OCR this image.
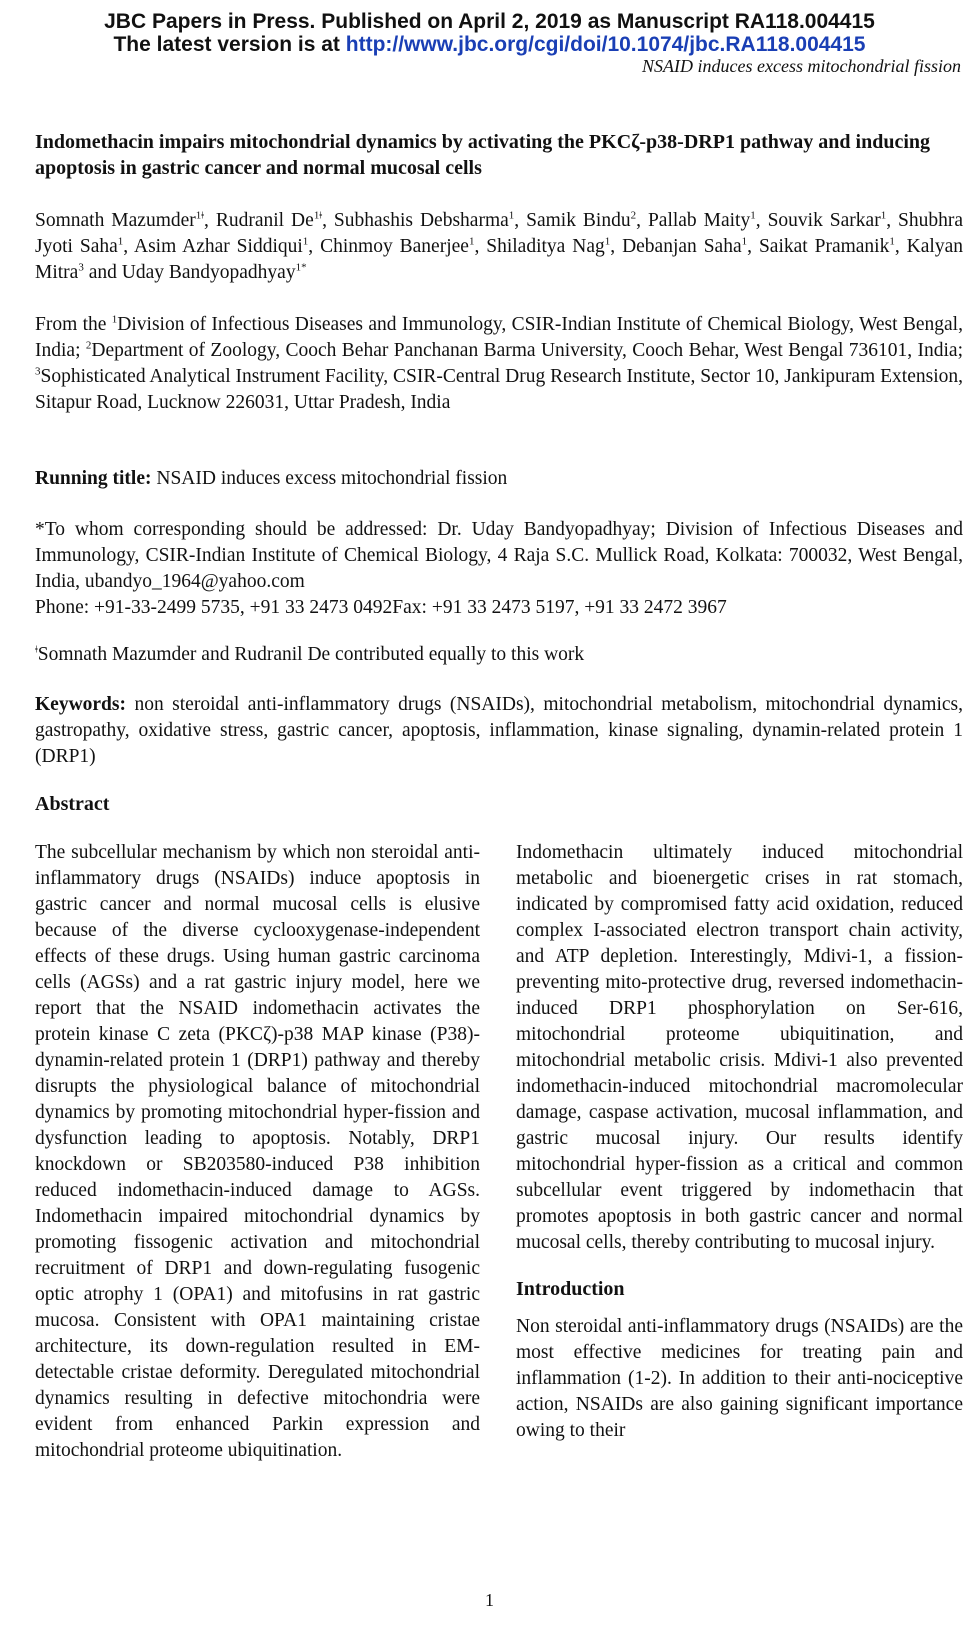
JBC Papers in Press. Published on April 2, 2019 as Manuscript RA118.004415
The latest version is at http://www.jbc.org/cgi/doi/10.1074/jbc.RA118.004415
NSAID induces excess mitochondrial fission
Indomethacin impairs mitochondrial dynamics by activating the PKCζ-p38-DRP1 pathway and inducing apoptosis in gastric cancer and normal mucosal cells
Somnath Mazumder$^{1ǂ}$, Rudranil $De^{1ǂ}$, Subhashis Debsharma$^1$, Samik Bindu$^2$, Pallab Maity$^1$, Souvik Sarkar$^1$, Shubhra Jyoti Saha$^1$, Asim Azhar Siddiqui$^1$, Chinmoy Banerjee$^1$, Shiladitya Nag$^1$, Debanjan Saha$^1$, Saikat Pramanik$^1$, Kalyan Mitra$^3$ and Uday Bandyopadhyay$^{1*}$
From the $^1$Division of Infectious Diseases and Immunology, CSIR-Indian Institute of Chemical Biology, West Bengal, India; $^2$Department of Zoology, Cooch Behar Panchanan Barma University, Cooch Behar, West Bengal 736101, India; $^3$Sophisticated Analytical Instrument Facility, CSIR-Central Drug Research Institute, Sector 10, Jankipuram Extension, Sitapur Road, Lucknow 226031, Uttar Pradesh, India
Running title: NSAID induces excess mitochondrial fission
*To whom corresponding should be addressed: Dr. Uday Bandyopadhyay; Division of Infectious Diseases and Immunology, CSIR-Indian Institute of Chemical Biology, 4 Raja S.C. Mullick Road, Kolkata: 700032, West Bengal, India, ubandyo_1964@yahoo.com
Phone: +91-33-2499 5735, +91 33 2473 0492Fax: +91 33 2473 5197, +91 33 2472 3967
$^ǂ$Somnath Mazumder and Rudranil De contributed equally to this work
Keywords: non steroidal anti-inflammatory drugs (NSAIDs), mitochondrial metabolism, mitochondrial dynamics, gastropathy, oxidative stress, gastric cancer, apoptosis, inflammation, kinase signaling, dynamin-related protein 1 (DRP1)
Abstract
The subcellular mechanism by which non steroidal anti-inflammatory drugs (NSAIDs) induce apoptosis in gastric cancer and normal mucosal cells is elusive because of the diverse cyclooxygenase-independent effects of these drugs. Using human gastric carcinoma cells (AGSs) and a rat gastric injury model, here we report that the NSAID indomethacin activates the protein kinase C zeta (PKCζ)-p38 MAP kinase (P38)-dynamin-related protein 1 (DRP1) pathway and thereby disrupts the physiological balance of mitochondrial dynamics by promoting mitochondrial hyper-fission and dysfunction leading to apoptosis. Notably, DRP1 knockdown or SB203580-induced P38 inhibition reduced indomethacin-induced damage to AGSs. Indomethacin impaired mitochondrial dynamics by promoting fissogenic activation and mitochondrial recruitment of DRP1 and down-regulating fusogenic optic atrophy 1 (OPA1) and mitofusins in rat gastric mucosa. Consistent with OPA1 maintaining cristae architecture, its down-regulation resulted in EM-detectable cristae deformity. Deregulated mitochondrial dynamics resulting in defective mitochondria were evident from enhanced Parkin expression and mitochondrial proteome ubiquitination.
Indomethacin ultimately induced mitochondrial metabolic and bioenergetic crises in rat stomach, indicated by compromised fatty acid oxidation, reduced complex I-associated electron transport chain activity, and ATP depletion. Interestingly, Mdivi-1, a fission-preventing mito-protective drug, reversed indomethacin-induced DRP1 phosphorylation on Ser-616, mitochondrial proteome ubiquitination, and mitochondrial metabolic crisis. Mdivi-1 also prevented indomethacin-induced mitochondrial macromolecular damage, caspase activation, mucosal inflammation, and gastric mucosal injury. Our results identify mitochondrial hyper-fission as a critical and common subcellular event triggered by indomethacin that promotes apoptosis in both gastric cancer and normal mucosal cells, thereby contributing to mucosal injury.
Introduction
Non steroidal anti-inflammatory drugs (NSAIDs) are the most effective medicines for treating pain and inflammation (1-2). In addition to their anti-nociceptive action, NSAIDs are also gaining significant importance owing to their
1
